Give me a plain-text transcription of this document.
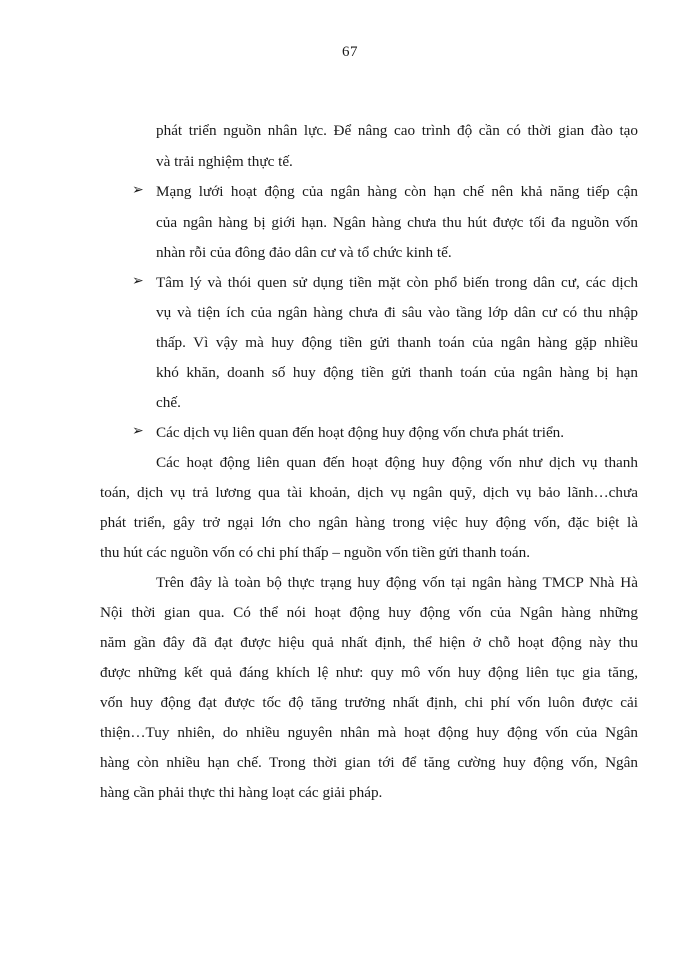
67
phát triển nguồn nhân lực. Để nâng cao trình độ cần có thời gian đào tạo
và trải nghiệm thực tế.
➢ Mạng lưới hoạt động của ngân hàng còn hạn chế nên khả năng tiếp cận
của ngân hàng bị giới hạn. Ngân hàng chưa thu hút được tối đa nguồn vốn
nhàn rỗi của đông đảo dân cư và tổ chức kinh tế.
➢ Tâm lý và thói quen sử dụng tiền mặt còn phổ biến trong dân cư, các dịch
vụ và tiện ích của ngân hàng chưa đi sâu vào tầng lớp dân cư có thu nhập
thấp. Vì vậy mà huy động tiền gửi thanh toán của ngân hàng gặp nhiều
khó khăn, doanh số huy động tiền gửi thanh toán của ngân hàng bị hạn
chế.
➢ Các dịch vụ liên quan đến hoạt động huy động vốn chưa phát triển.
Các hoạt động liên quan đến hoạt động huy động vốn như dịch vụ thanh
toán, dịch vụ trả lương qua tài khoản, dịch vụ ngân quỹ, dịch vụ bảo lãnh…chưa
phát triển, gây trở ngại lớn cho ngân hàng trong việc huy động vốn, đặc biệt là
thu hút các nguồn vốn có chi phí thấp – nguồn vốn tiền gửi thanh toán.
Trên đây là toàn bộ thực trạng huy động vốn tại ngân hàng TMCP Nhà Hà
Nội thời gian qua. Có thể nói hoạt động huy động vốn của Ngân hàng những
năm gần đây đã đạt được hiệu quả nhất định, thể hiện ở chỗ hoạt động này thu
được những kết quả đáng khích lệ như: quy mô vốn huy động liên tục gia tăng,
vốn huy động đạt được tốc độ tăng trưởng nhất định, chi phí vốn luôn được cải
thiện…Tuy nhiên, do nhiều nguyên nhân mà hoạt động huy động vốn của Ngân
hàng còn nhiều hạn chế. Trong thời gian tới để tăng cường huy động vốn, Ngân
hàng cần phải thực thi hàng loạt các giải pháp.
